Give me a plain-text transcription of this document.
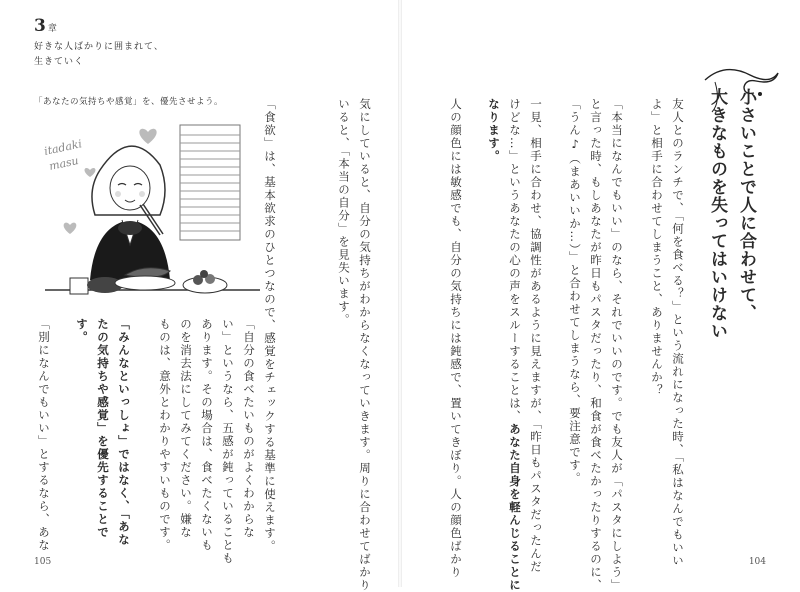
3 章
好きな人ばかりに囲まれて、
生きていく
「あなたの気持ちや感覚」を、優先させよう。
itadaki
masu	気にしていると、自分の気持ちがわからなくなっていきます。周りに合わせてばかり
いると、「本当の自分」を見失います。
「食欲」は、基本欲求のひとつなので、感覚をチェックする基準に使えます。
「自分の食べたいものがよくわからな
い」というなら、五感が鈍っていることも
あります。その場合は、食べたくないも
のを消去法にしてみてください。嫌な
ものは、意外とわかりやすいものです。
「みんなといっしょ」ではなく、「あな
たの気持ちや感覚」を優先することで
す。
「別になんでもいい」とするなら、あな
105
小さいことで人に合わせて、
大きなものを失ってはいけない
友人とのランチで、「何を食べる？」という流れになった時、「私はなんでもいい
よ」と相手に合わせてしまうこと、ありませんか？
「本当になんでもいい」のなら、それでいいのです。でも友人が「パスタにしよう」
と言った時、もしあなたが昨日もパスタだったり、和食が食べたかったりするのに、
「うん♪（まあいいか…）」と合わせてしまうなら、要注意です。
一見、相手に合わせ、協調性があるように見えますが、「昨日もパスタだったんだ
けどな…」というあなたの心の声をスルーすることは、あなた自身を軽んじることに
なります。
人の顔色には敏感でも、自分の気持ちには鈍感で、置いてきぼり。人の顔色ばかり	104
